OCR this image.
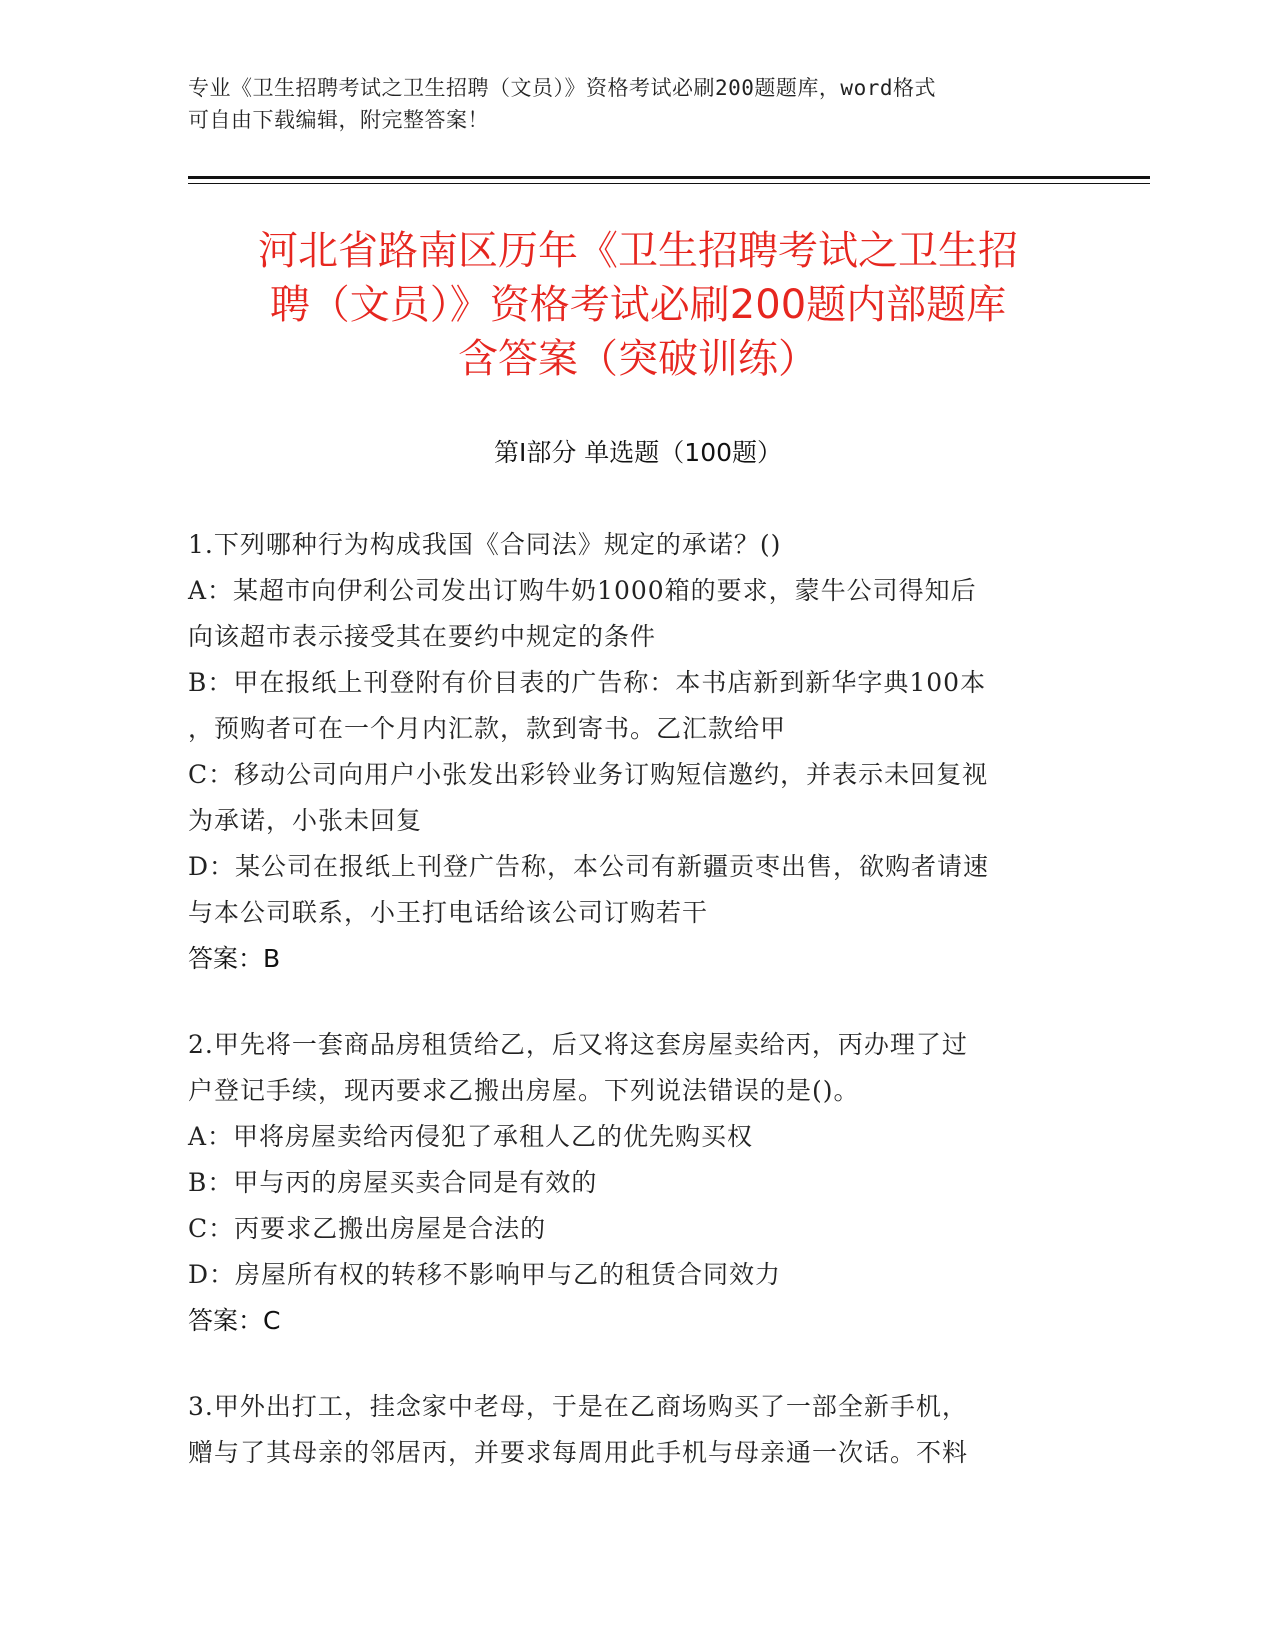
专业《卫生招聘考试之卫生招聘（文员）》资格考试必刷200题题库，word格式
可自由下载编辑，附完整答案！
河北省路南区历年《卫生招聘考试之卫生招
聘（文员）》资格考试必刷200题内部题库
含答案（突破训练）
第Ⅰ部分 单选题（100题）

1.下列哪种行为构成我国《合同法》规定的承诺？()

A：某超市向伊利公司发出订购牛奶1000箱的要求，蒙牛公司得知后

向该超市表示接受其在要约中规定的条件

B：甲在报纸上刊登附有价目表的广告称：本书店新到新华字典100本

，预购者可在一个月内汇款，款到寄书。乙汇款给甲

C：移动公司向用户小张发出彩铃业务订购短信邀约，并表示未回复视

为承诺，小张未回复

D：某公司在报纸上刊登广告称，本公司有新疆贡枣出售，欲购者请速

与本公司联系，小王打电话给该公司订购若干

答案：B

2.甲先将一套商品房租赁给乙，后又将这套房屋卖给丙，丙办理了过

户登记手续，现丙要求乙搬出房屋。下列说法错误的是()。

A：甲将房屋卖给丙侵犯了承租人乙的优先购买权

B：甲与丙的房屋买卖合同是有效的

C：丙要求乙搬出房屋是合法的

D：房屋所有权的转移不影响甲与乙的租赁合同效力

答案：C

3.甲外出打工，挂念家中老母，于是在乙商场购买了一部全新手机，

赠与了其母亲的邻居丙，并要求每周用此手机与母亲通一次话。不料
